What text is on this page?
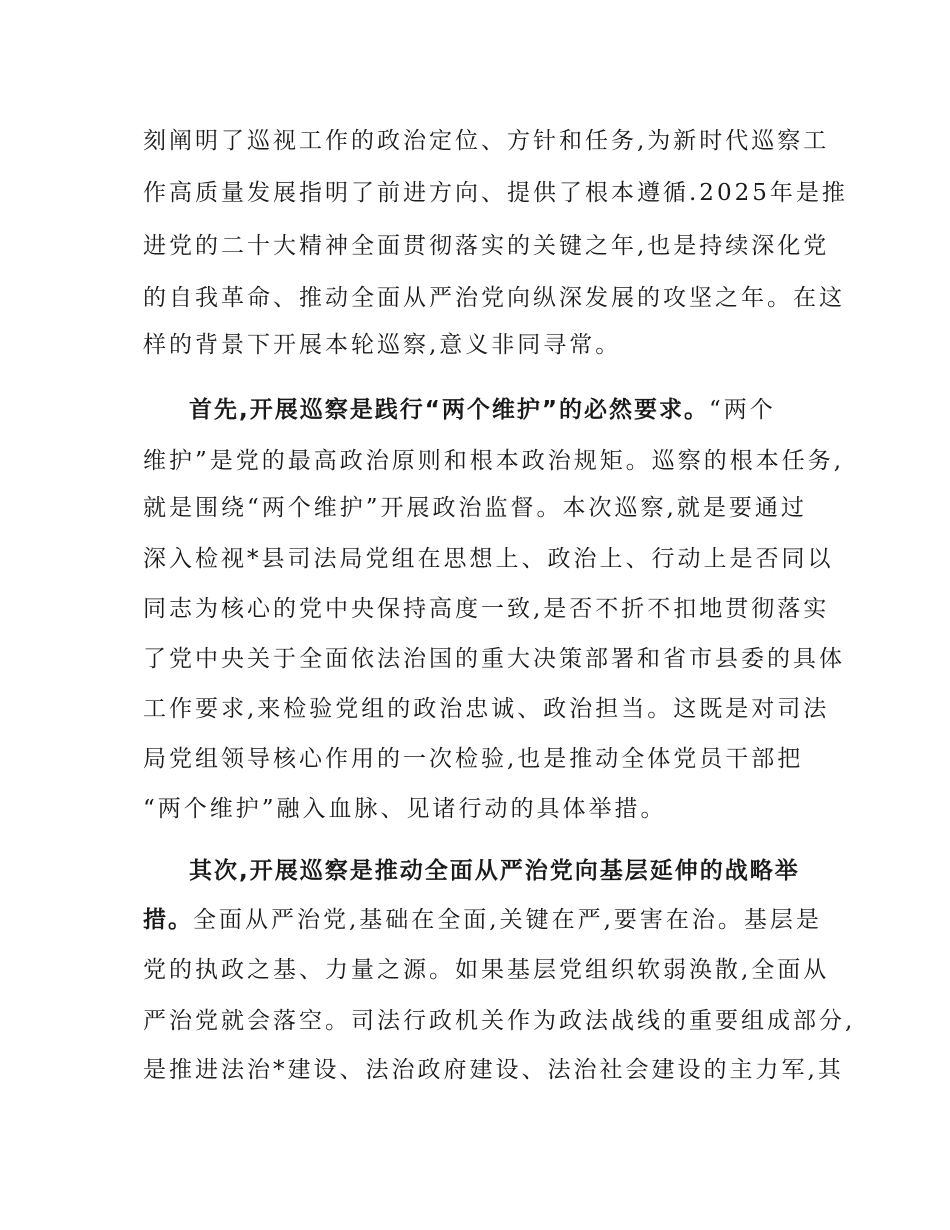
刻阐明了巡视工作的政治定位、方针和任务,为新时代巡察工
作高质量发展指明了前进方向、提供了根本遵循.2025年是推
进党的二十大精神全面贯彻落实的关键之年,也是持续深化党
的自我革命、推动全面从严治党向纵深发展的攻坚之年。在这
样的背景下开展本轮巡察,意义非同寻常。
首先,开展巡察是践行“两个维护”的必然要求。“两个
维护”是党的最高政治原则和根本政治规矩。巡察的根本任务,
就是围绕“两个维护”开展政治监督。本次巡察,就是要通过
深入检视*县司法局党组在思想上、政治上、行动上是否同以
同志为核心的党中央保持高度一致,是否不折不扣地贯彻落实
了党中央关于全面依法治国的重大决策部署和省市县委的具体
工作要求,来检验党组的政治忠诚、政治担当。这既是对司法
局党组领导核心作用的一次检验,也是推动全体党员干部把
“两个维护”融入血脉、见诸行动的具体举措。
其次,开展巡察是推动全面从严治党向基层延伸的战略举
措。全面从严治党,基础在全面,关键在严,要害在治。基层是
党的执政之基、力量之源。如果基层党组织软弱涣散,全面从
严治党就会落空。司法行政机关作为政法战线的重要组成部分,
是推进法治*建设、法治政府建设、法治社会建设的主力军,其
